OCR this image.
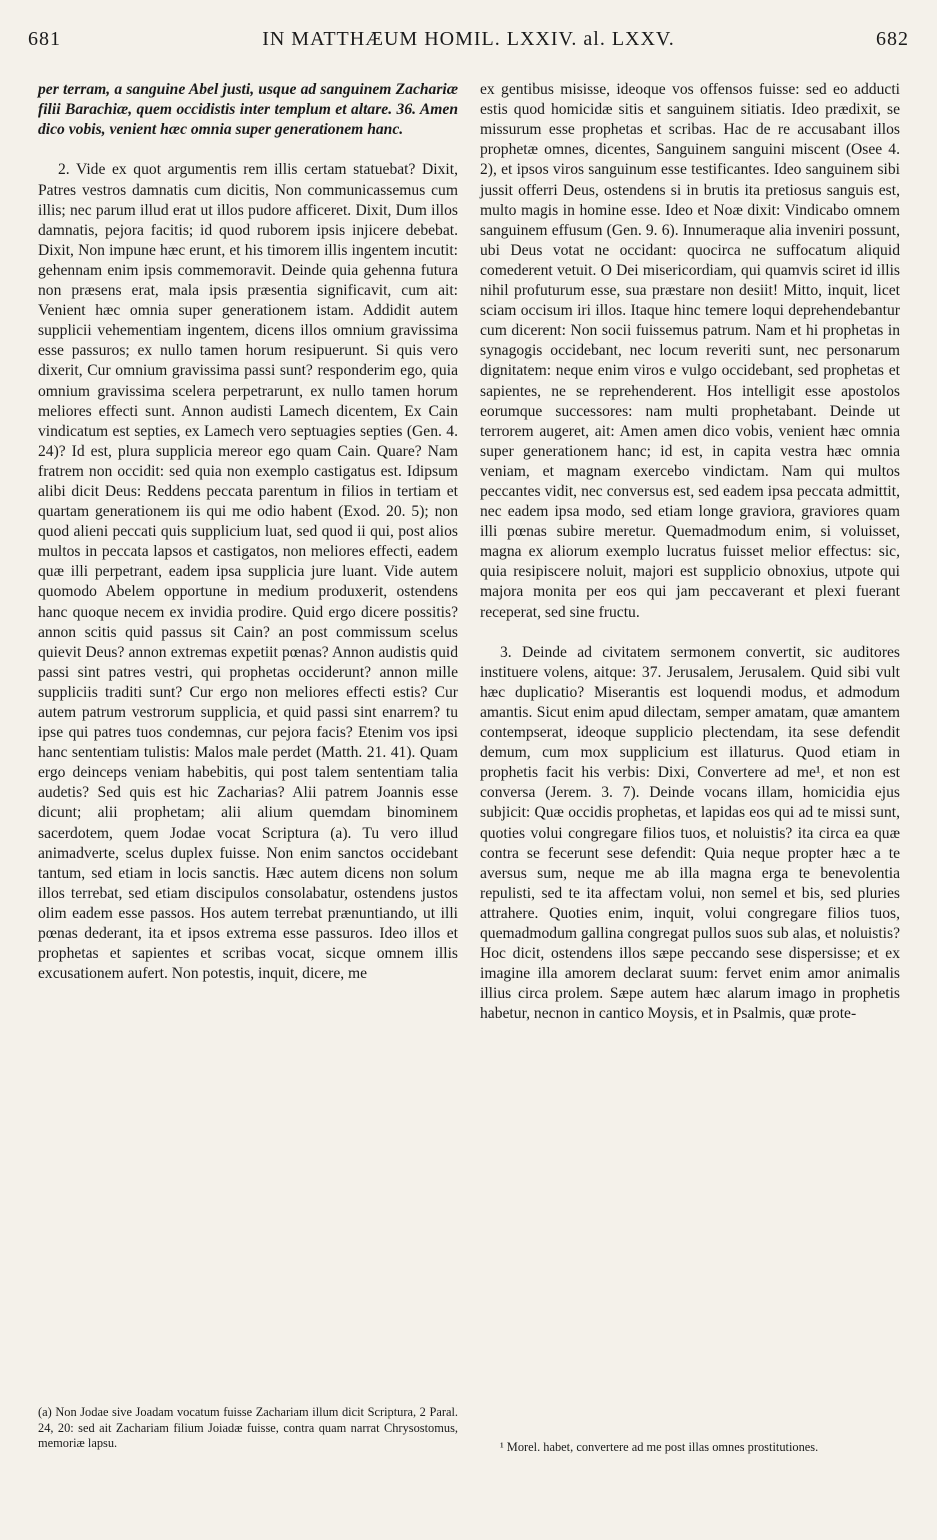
681	IN MATTHÆUM HOMIL. LXXIV. al. LXXV.	682

per terram, a sanguine Abel justi, usque ad sanguinem Zachariæ filii Barachiæ, quem occidistis inter templum et altare. 36. Amen dico vobis, venient hæc omnia super generationem hanc.

2. Vide ex quot argumentis rem illis certam statuebat? Dixit, Patres vestros damnatis cum dicitis, Non communicassemus cum illis; nec parum illud erat ut illos pudore afficeret. Dixit, Dum illos damnatis, pejora facitis; id quod ruborem ipsis injicere debebat. Dixit, Non impune hæc erunt, et his timorem illis ingentem incutit: gehennam enim ipsis commemoravit. Deinde quia gehenna futura non præsens erat, mala ipsis præsentia significavit, cum ait: Venient hæc omnia super generationem istam. Addidit autem supplicii vehementiam ingentem, dicens illos omnium gravissima esse passuros; ex nullo tamen horum resipuerunt. Si quis vero dixerit, Cur omnium gravissima passi sunt? responderim ego, quia omnium gravissima scelera perpetrarunt, ex nullo tamen horum meliores effecti sunt. Annon audisti Lamech dicentem, Ex Cain vindicatum est septies, ex Lamech vero septuagies septies (Gen. 4. 24)? Id est, plura supplicia mereor ego quam Cain. Quare? Nam fratrem non occidit: sed quia non exemplo castigatus est. Idipsum alibi dicit Deus: Reddens peccata parentum in filios in tertiam et quartam generationem iis qui me odio habent (Exod. 20. 5); non quod alieni peccati quis supplicium luat, sed quod ii qui, post alios multos in peccata lapsos et castigatos, non meliores effecti, eadem quæ illi perpetrant, eadem ipsa supplicia jure luant. Vide autem quomodo Abelem opportune in medium produxerit, ostendens hanc quoque necem ex invidia prodire. Quid ergo dicere possitis? annon scitis quid passus sit Cain? an post commissum scelus quievit Deus? annon extremas expetiit pœnas? Annon audistis quid passi sint patres vestri, qui prophetas occiderunt? annon mille suppliciis traditi sunt? Cur ergo non meliores effecti estis? Cur autem patrum vestrorum supplicia, et quid passi sint enarrem? tu ipse qui patres tuos condemnas, cur pejora facis? Etenim vos ipsi hanc sententiam tulistis: Malos male perdet (Matth. 21. 41). Quam ergo deinceps veniam habebitis, qui post talem sententiam talia audetis? Sed quis est hic Zacharias? Alii patrem Joannis esse dicunt; alii prophetam; alii alium quemdam binominem sacerdotem, quem Jodae vocat Scriptura (a). Tu vero illud animadverte, scelus duplex fuisse. Non enim sanctos occidebant tantum, sed etiam in locis sanctis. Hæc autem dicens non solum illos terrebat, sed etiam discipulos consolabatur, ostendens justos olim eadem esse passos. Hos autem terrebat prænuntiando, ut illi pœnas dederant, ita et ipsos extrema esse passuros. Ideo illos et prophetas et sapientes et scribas vocat, sicque omnem illis excusationem aufert. Non potestis, inquit, dicere, me

ex gentibus misisse, ideoque vos offensos fuisse: sed eo adducti estis quod homicidæ sitis et sanguinem sitiatis. Ideo prædixit, se missurum esse prophetas et scribas. Hac de re accusabant illos prophetæ omnes, dicentes, Sanguinem sanguini miscent (Osee 4. 2), et ipsos viros sanguinum esse testificantes. Ideo sanguinem sibi jussit offerri Deus, ostendens si in brutis ita pretiosus sanguis est, multo magis in homine esse. Ideo et Noæ dixit: Vindicabo omnem sanguinem effusum (Gen. 9. 6). Innumeraque alia inveniri possunt, ubi Deus votat ne occidant: quocirca ne suffocatum aliquid comederent vetuit. O Dei misericordiam, qui quamvis sciret id illis nihil profuturum esse, sua præstare non desiit! Mitto, inquit, licet sciam occisum iri illos. Itaque hinc temere loqui deprehendebantur cum dicerent: Non socii fuissemus patrum. Nam et hi prophetas in synagogis occidebant, nec locum reveriti sunt, nec personarum dignitatem: neque enim viros e vulgo occidebant, sed prophetas et sapientes, ne se reprehenderent. Hos intelligit esse apostolos eorumque successores: nam multi prophetabant. Deinde ut terrorem augeret, ait: Amen amen dico vobis, venient hæc omnia super generationem hanc; id est, in capita vestra hæc omnia veniam, et magnam exercebo vindictam. Nam qui multos peccantes vidit, nec conversus est, sed eadem ipsa peccata admittit, nec eadem ipsa modo, sed etiam longe graviora, graviores quam illi pœnas subire meretur. Quemadmodum enim, si voluisset, magna ex aliorum exemplo lucratus fuisset melior effectus: sic, quia resipiscere noluit, majori est supplicio obnoxius, utpote qui majora monita per eos qui jam peccaverant et plexi fuerant receperat, sed sine fructu.

3. Deinde ad civitatem sermonem convertit, sic auditores instituere volens, aitque: 37. Jerusalem, Jerusalem. Quid sibi vult hæc duplicatio? Miserantis est loquendi modus, et admodum amantis. Sicut enim apud dilectam, semper amatam, quæ amantem contempserat, ideoque supplicio plectendam, ita sese defendit demum, cum mox supplicium est illaturus. Quod etiam in prophetis facit his verbis: Dixi, Convertere ad me¹, et non est conversa (Jerem. 3. 7). Deinde vocans illam, homicidia ejus subjicit: Quæ occidis prophetas, et lapidas eos qui ad te missi sunt, quoties volui congregare filios tuos, et noluistis? ita circa ea quæ contra se fecerunt sese defendit: Quia neque propter hæc a te aversus sum, neque me ab illa magna erga te benevolentia repulisti, sed te ita affectam volui, non semel et bis, sed pluries attrahere. Quoties enim, inquit, volui congregare filios tuos, quemadmodum gallina congregat pullos suos sub alas, et noluistis? Hoc dicit, ostendens illos sæpe peccando sese dispersisse; et ex imagine illa amorem declarat suum: fervet enim amor animalis illius circa prolem. Sæpe autem hæc alarum imago in prophetis habetur, necnon in cantico Moysis, et in Psalmis, quæ prote-

(a) Non Jodae sive Joadam vocatum fuisse Zachariam illum dicit Scriptura, 2 Paral. 24, 20: sed ait Zachariam filium Joiadæ fuisse, contra quam narrat Chrysostomus, memoriæ lapsu.	¹ Morel. habet, convertere ad me post illas omnes prostitutiones.
